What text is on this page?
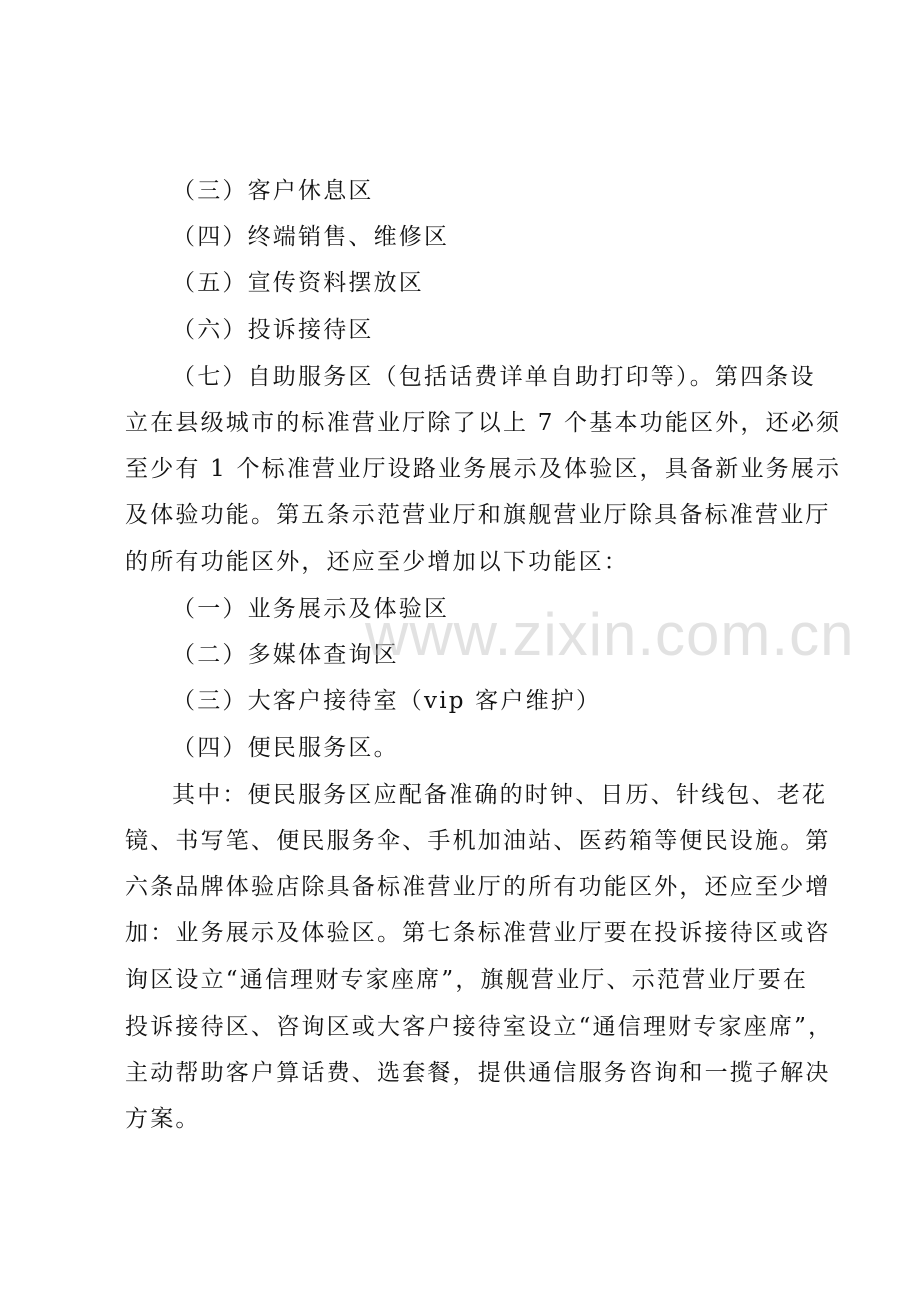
（三）客户休息区
（四）终端销售、维修区
（五）宣传资料摆放区
（六）投诉接待区
（七）自助服务区（包括话费详单自助打印等）。第四条设
立在县级城市的标准营业厅除了以上 7 个基本功能区外，还必须
至少有 1 个标准营业厅设路业务展示及体验区，具备新业务展示
及体验功能。第五条示范营业厅和旗舰营业厅除具备标准营业厅
的所有功能区外，还应至少增加以下功能区：
（一）业务展示及体验区
（二）多媒体查询区
（三）大客户接待室（vip 客户维护）
（四）便民服务区。
其中：便民服务区应配备准确的时钟、日历、针线包、老花
镜、书写笔、便民服务伞、手机加油站、医药箱等便民设施。第
六条品牌体验店除具备标准营业厅的所有功能区外，还应至少增
加：业务展示及体验区。第七条标准营业厅要在投诉接待区或咨
询区设立“通信理财专家座席”，旗舰营业厅、示范营业厅要在
投诉接待区、咨询区或大客户接待室设立“通信理财专家座席”，
主动帮助客户算话费、选套餐，提供通信服务咨询和一揽子解决
方案。
www.zixin.com.cn
